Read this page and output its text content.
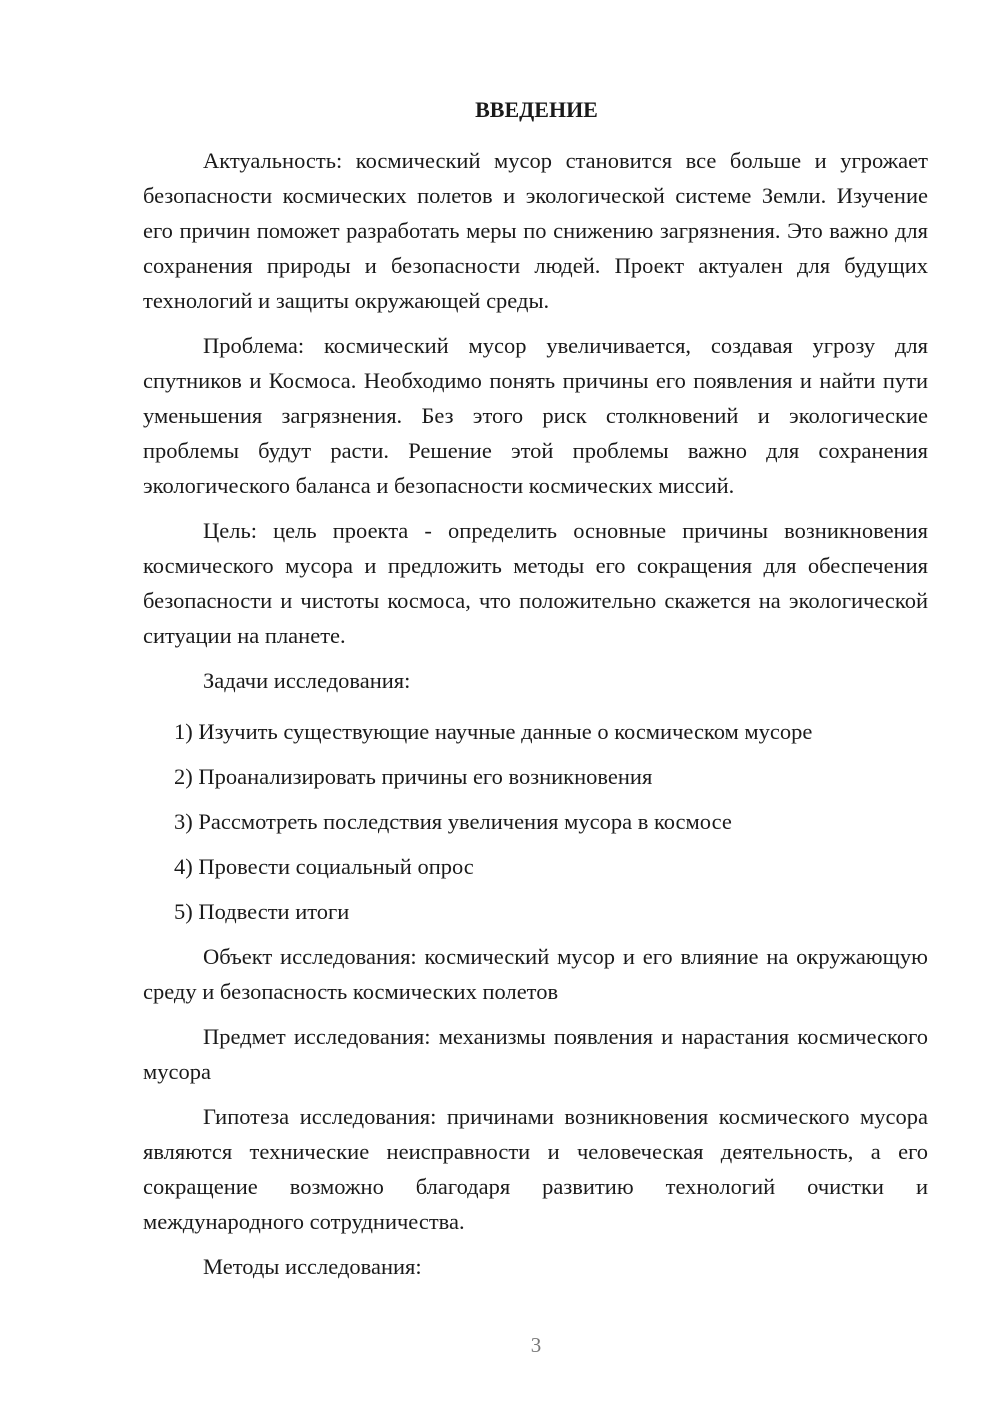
ВВЕДЕНИЕ

Актуальность: космический мусор становится все больше и угрожает безопасности космических полетов и экологической системе Земли. Изучение его причин поможет разработать меры по снижению загрязнения. Это важно для сохранения природы и безопасности людей. Проект актуален для будущих технологий и защиты окружающей среды.

Проблема: космический мусор увеличивается, создавая угрозу для спутников и Космоса. Необходимо понять причины его появления и найти пути уменьшения загрязнения. Без этого риск столкновений и экологические проблемы будут расти. Решение этой проблемы важно для сохранения экологического баланса и безопасности космических миссий.

Цель: цель проекта - определить основные причины возникновения космического мусора и предложить методы его сокращения для обеспечения безопасности и чистоты космоса, что положительно скажется на экологической ситуации на планете.

Задачи исследования:

1) Изучить существующие научные данные о космическом мусоре

2) Проанализировать причины его возникновения

3) Рассмотреть последствия увеличения мусора в космосе

4) Провести социальный опрос

5) Подвести итоги

Объект исследования: космический мусор и его влияние на окружающую среду и безопасность космических полетов

Предмет исследования: механизмы появления и нарастания космического мусора

Гипотеза исследования: причинами возникновения космического мусора являются технические неисправности и человеческая деятельность, а его сокращение возможно благодаря развитию технологий очистки и международного сотрудничества.

Методы исследования:

3
